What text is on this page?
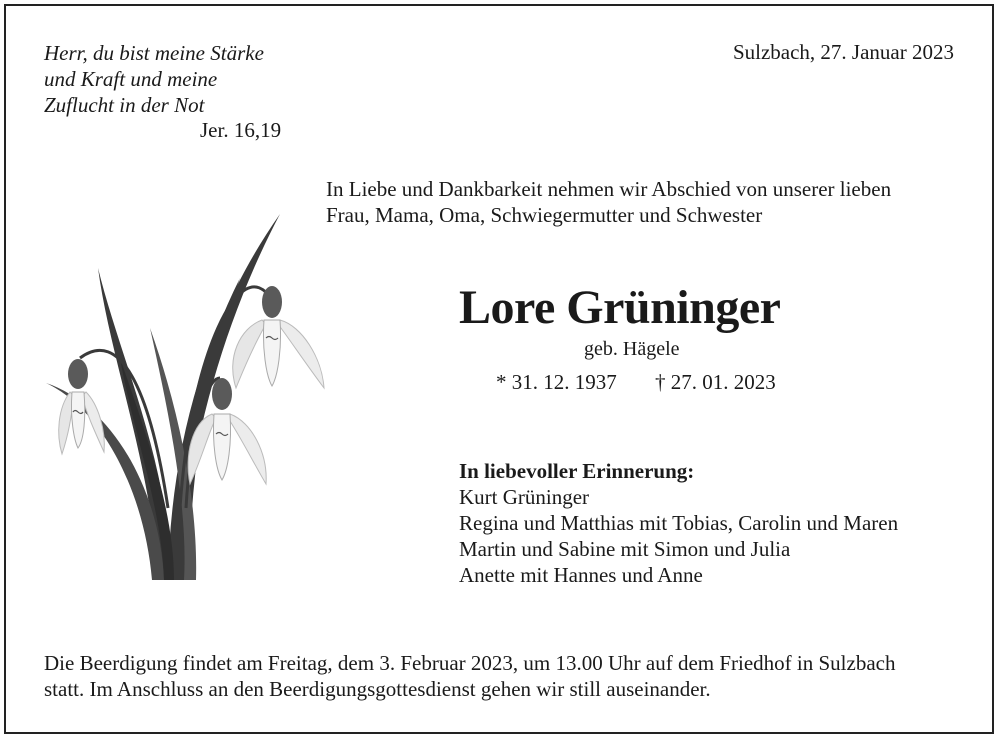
Herr, du bist meine Stärke
und Kraft und meine
Zuflucht in der Not
Jer. 16,19
Sulzbach, 27. Januar 2023
In Liebe und Dankbarkeit nehmen wir Abschied von unserer lieben
Frau, Mama, Oma, Schwiegermutter und Schwester
Lore Grüninger
geb. Hägele
* 31. 12. 1937 † 27. 01. 2023
In liebevoller Erinnerung:
Kurt Grüninger
Regina und Matthias mit Tobias, Carolin und Maren
Martin und Sabine mit Simon und Julia
Anette mit Hannes und Anne
Die Beerdigung findet am Freitag, dem 3. Februar 2023, um 13.00 Uhr auf dem Friedhof in Sulzbach
statt. Im Anschluss an den Beerdigungsgottesdienst gehen wir still auseinander.
